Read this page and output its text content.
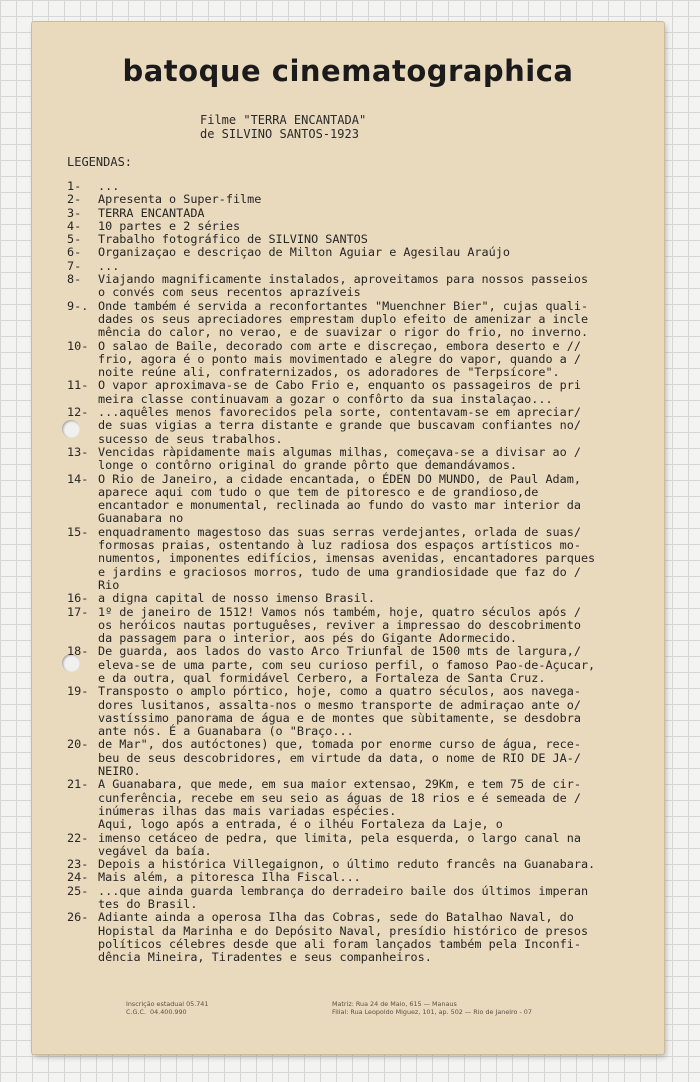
batoque cinematographica
Filme "TERRA ENCANTADA"
de SILVINO SANTOS-1923
LEGENDAS:
1-	...
2-	Apresenta o Super-filme
3-	TERRA ENCANTADA
4-	10 partes e 2 séries
5-	Trabalho fotográfico de SILVINO SANTOS
6-	Organizaçao e descriçao de Milton Aguiar e Agesilau Araújo
7-	...
8-	Viajando magnificamente instalados, aproveitamos para nossos passeios
o convés com seus recentos aprazíveis
9-. Onde também é servida a reconfortantes "Muenchner Bier", cujas quali-
dades os seus apreciadores emprestam duplo efeito de amenizar a incle
mência do calor, no verao, e de suavizar o rigor do frio, no inverno.
10- O salao de Baile, decorado com arte e discreçao, embora deserto e //
frio, agora é o ponto mais movimentado e alegre do vapor, quando a /
noite reúne ali, confraternizados, os adoradores de "Terpsícore".
11- O vapor aproximava-se de Cabo Frio e, enquanto os passageiros de pri
meira classe continuavam a gozar o confôrto da sua instalaçao...
12- ...aquêles menos favorecidos pela sorte, contentavam-se em apreciar/
de suas vigias a terra distante e grande que buscavam confiantes no/
sucesso de seus trabalhos.
13- Vencidas ràpidamente mais algumas milhas, começava-se a divisar ao /
longe o contôrno original do grande pôrto que demandávamos.
14- O Rio de Janeiro, a cidade encantada, o ÉDEN DO MUNDO, de Paul Adam,
aparece aqui com tudo o que tem de pitoresco e de grandioso,de
encantador e monumental, reclinada ao fundo do vasto mar interior da
Guanabara no
15- enquadramento magestoso das suas serras verdejantes, orlada de suas/
formosas praias, ostentando à luz radiosa dos espaços artísticos mo-
numentos, imponentes edifícios, imensas avenidas, encantadores parques
e jardins e graciosos morros, tudo de uma grandiosidade que faz do /
Rio
16- a digna capital de nosso imenso Brasil.
17- 1º de janeiro de 1512! Vamos nós também, hoje, quatro séculos após /
os heróicos nautas portuguêses, reviver a impressao do descobrimento
da passagem para o interior, aos pés do Gigante Adormecido.
18- De guarda, aos lados do vasto Arco Triunfal de 1500 mts de largura,/
eleva-se de uma parte, com seu curioso perfil, o famoso Pao-de-Açucar,
e da outra, qual formidável Cerbero, a Fortaleza de Santa Cruz.
19- Transposto o amplo pórtico, hoje, como a quatro séculos, aos navega-
dores lusitanos, assalta-nos o mesmo transporte de admiraçao ante o/
vastíssimo panorama de água e de montes que sùbitamente, se desdobra
ante nós. É a Guanabara (o "Braço...
20- de Mar", dos autóctones) que, tomada por enorme curso de água, rece-
beu de seus descobridores, em virtude da data, o nome de RIO DE JA-/
NEIRO.
21- A Guanabara, que mede, em sua maior extensao, 29Km, e tem 75 de cir-
cunferência, recebe em seu seio as águas de 18 rios e é semeada de /
inúmeras ilhas das mais variadas espécies.
Aqui, logo após a entrada, é o ilhéu Fortaleza da Laje, o
22- imenso cetáceo de pedra, que limita, pela esquerda, o largo canal na
vegável da baía.
23- Depois a histórica Villegaignon, o último reduto francês na Guanabara.
24- Mais além, a pitoresca Ilha Fiscal...
25- ...que ainda guarda lembrança do derradeiro baile dos últimos imperan
tes do Brasil.
26- Adiante ainda a operosa Ilha das Cobras, sede do Batalhao Naval, do
Hopistal da Marinha e do Depósito Naval, presídio histórico de presos
políticos célebres desde que ali foram lançados também pela Inconfi-
dência Mineira, Tiradentes e seus companheiros.
Inscrição estadual 05.741
C.G.C.  04.400.990
Matriz: Rua 24 de Maio, 615 — Manaus
Filial: Rua Leopoldo Miguez, 101, ap. 502 — Rio de Janeiro - 07
